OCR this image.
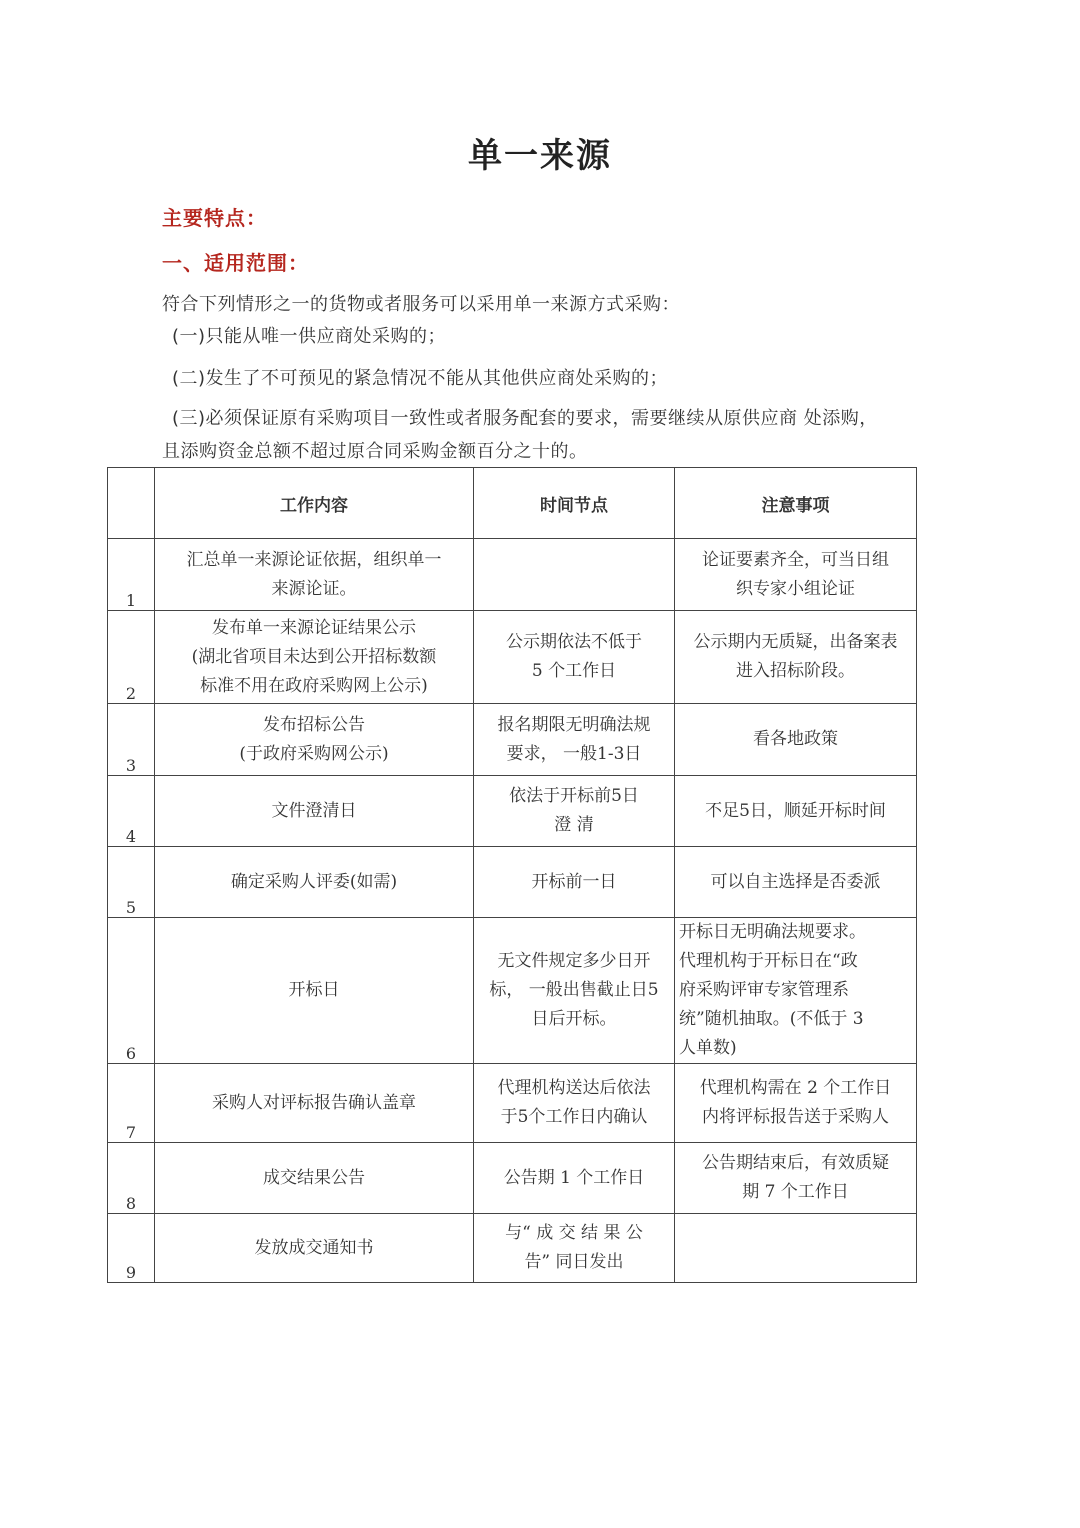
单一来源
主要特点：
一、适用范围：
符合下列情形之一的货物或者服务可以采用单一来源方式采购：
(一)只能从唯一供应商处采购的；
(二)发生了不可预见的紧急情况不能从其他供应商处采购的；
(三)必须保证原有采购项目一致性或者服务配套的要求，需要继续从原供应商 处添购，
且添购资金总额不超过原合同采购金额百分之十的。
	工作内容	时间节点	注意事项
1	汇总单一来源论证依据，组织单一
来源论证。		论证要素齐全，可当日组
织专家小组论证

2	发布单一来源论证结果公示
(湖北省项目未达到公开招标数额
标准不用在政府采购网上公示)	公示期依法不低于
5 个工作日	公示期内无质疑，出备案表
进入招标阶段。

3	发布招标公告
(于政府采购网公示)	报名期限无明确法规
要求， 一般1-3日	看各地政策

4	文件澄清日	依法于开标前5日
澄 清	不足5日，顺延开标时间

5	确定采购人评委(如需)	开标前一日	可以自主选择是否委派

6	开标日	无文件规定多少日开
标， 一般出售截止日5
日后开标。	开标日无明确法规要求。
代理机构于开标日在“政
府采购评审专家管理系
统”随机抽取。(不低于 3
人单数)

7	采购人对评标报告确认盖章	代理机构送达后依法
于5个工作日内确认	代理机构需在 2 个工作日
内将评标报告送于采购人

8	成交结果公告	公告期 1 个工作日	公告期结束后，有效质疑
期 7 个工作日

9	发放成交通知书	与“ 成 交 结 果 公
告” 同日发出	
